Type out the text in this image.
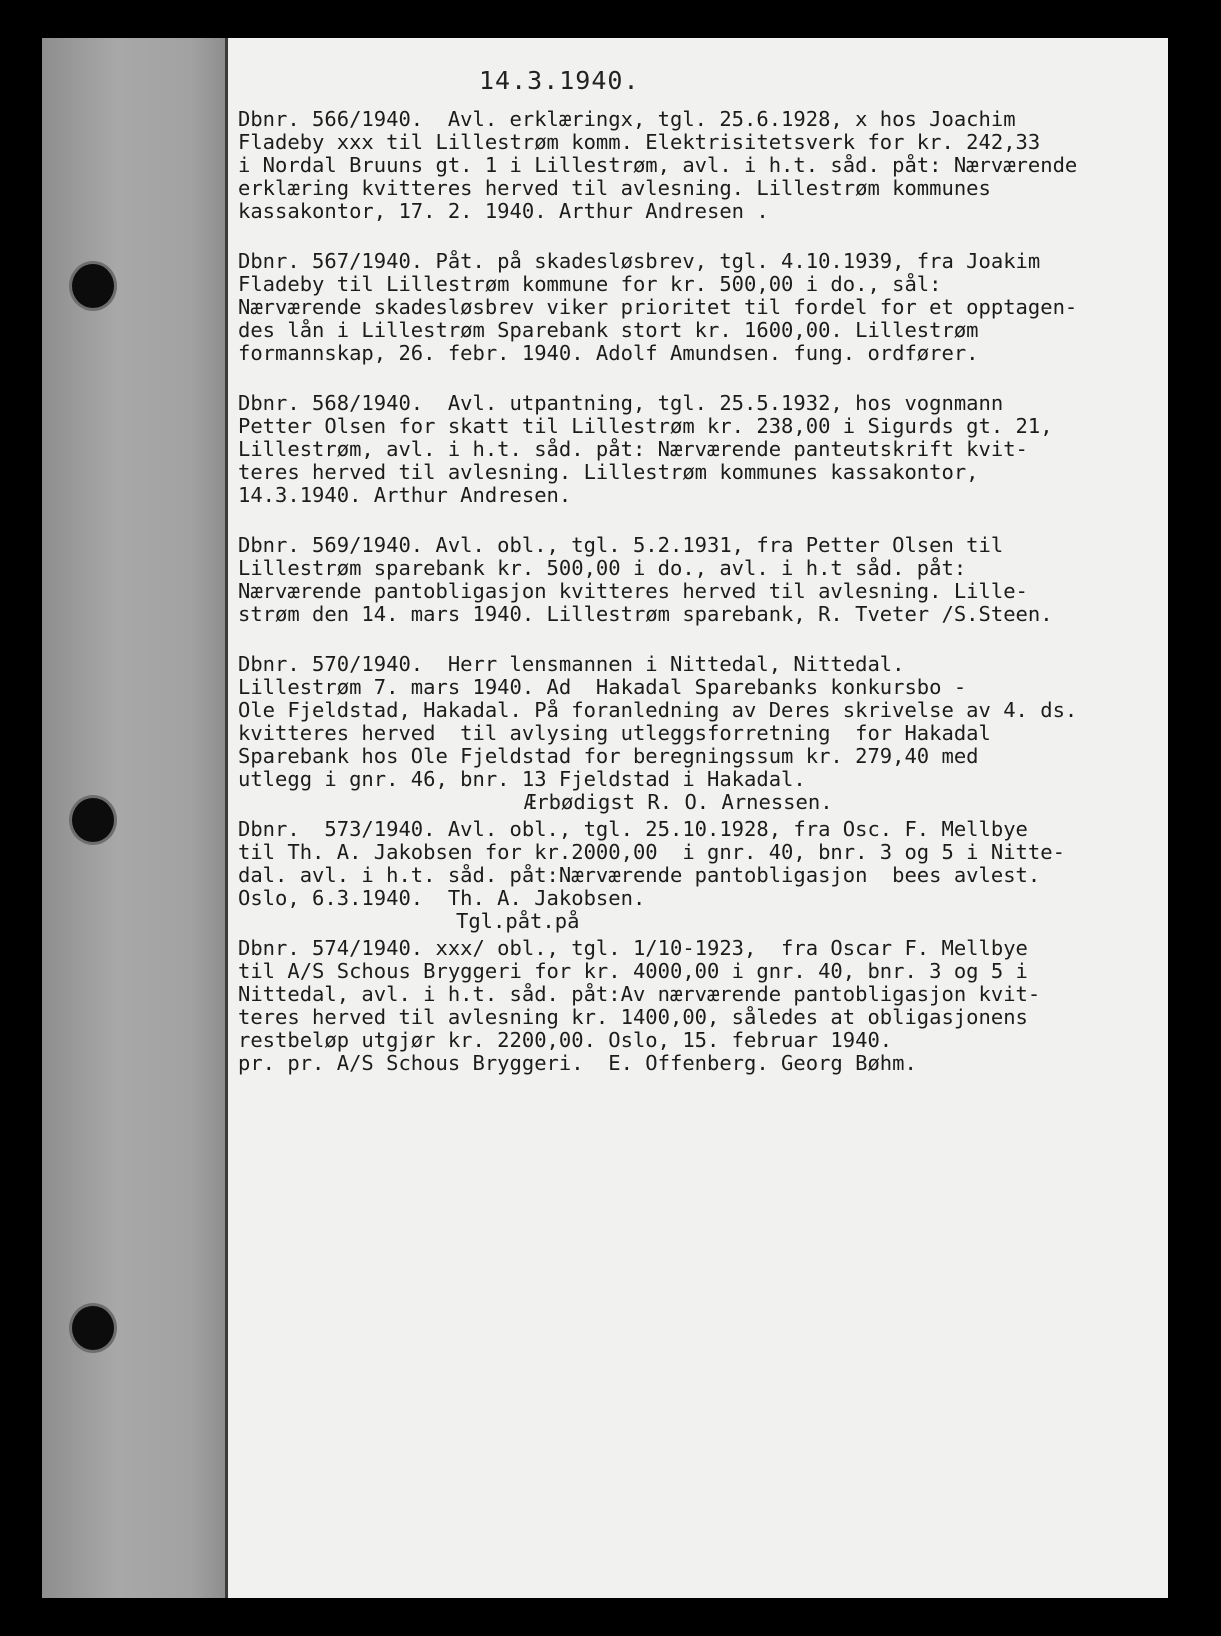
14.3.1940.
Dbnr. 566/1940.  Avl. erklæringx, tgl. 25.6.1928, x hos Joachim
Fladeby xxx til Lillestrøm komm. Elektrisitetsverk for kr. 242,33
i Nordal Bruuns gt. 1 i Lillestrøm, avl. i h.t. såd. påt: Nærværende
erklæring kvitteres herved til avlesning. Lillestrøm kommunes
kassakontor, 17. 2. 1940. Arthur Andresen .
Dbnr. 567/1940. Påt. på skadesløsbrev, tgl. 4.10.1939, fra Joakim
Fladeby til Lillestrøm kommune for kr. 500,00 i do., sål:
Nærværende skadesløsbrev viker prioritet til fordel for et opptagen-
des lån i Lillestrøm Sparebank stort kr. 1600,00. Lillestrøm
formannskap, 26. febr. 1940. Adolf Amundsen. fung. ordfører.
Dbnr. 568/1940.  Avl. utpantning, tgl. 25.5.1932, hos vognmann
Petter Olsen for skatt til Lillestrøm kr. 238,00 i Sigurds gt. 21,
Lillestrøm, avl. i h.t. såd. påt: Nærværende panteutskrift kvit-
teres herved til avlesning. Lillestrøm kommunes kassakontor,
14.3.1940. Arthur Andresen.
Dbnr. 569/1940. Avl. obl., tgl. 5.2.1931, fra Petter Olsen til
Lillestrøm sparebank kr. 500,00 i do., avl. i h.t såd. påt:
Nærværende pantobligasjon kvitteres herved til avlesning. Lille-
strøm den 14. mars 1940. Lillestrøm sparebank, R. Tveter /S.Steen.
Dbnr. 570/1940.  Herr lensmannen i Nittedal, Nittedal.
Lillestrøm 7. mars 1940. Ad  Hakadal Sparebanks konkursbo -
Ole Fjeldstad, Hakadal. På foranledning av Deres skrivelse av 4. ds.
kvitteres herved  til avlysing utleggsforretning  for Hakadal
Sparebank hos Ole Fjeldstad for beregningssum kr. 279,40 med
utlegg i gnr. 46, bnr. 13 Fjeldstad i Hakadal.
Ærbødigst R. O. Arnessen.
Dbnr.  573/1940. Avl. obl., tgl. 25.10.1928, fra Osc. F. Mellbye
til Th. A. Jakobsen for kr.2000,00  i gnr. 40, bnr. 3 og 5 i Nitte-
dal. avl. i h.t. såd. påt:Nærværende pantobligasjon  bees avlest.
Oslo, 6.3.1940.  Th. A. Jakobsen.
Tgl.påt.på
Dbnr. 574/1940. xxx/ obl., tgl. 1/10-1923,  fra Oscar F. Mellbye
til A/S Schous Bryggeri for kr. 4000,00 i gnr. 40, bnr. 3 og 5 i
Nittedal, avl. i h.t. såd. påt:Av nærværende pantobligasjon kvit-
teres herved til avlesning kr. 1400,00, således at obligasjonens
restbeløp utgjør kr. 2200,00. Oslo, 15. februar 1940.
pr. pr. A/S Schous Bryggeri.  E. Offenberg. Georg Bøhm.
